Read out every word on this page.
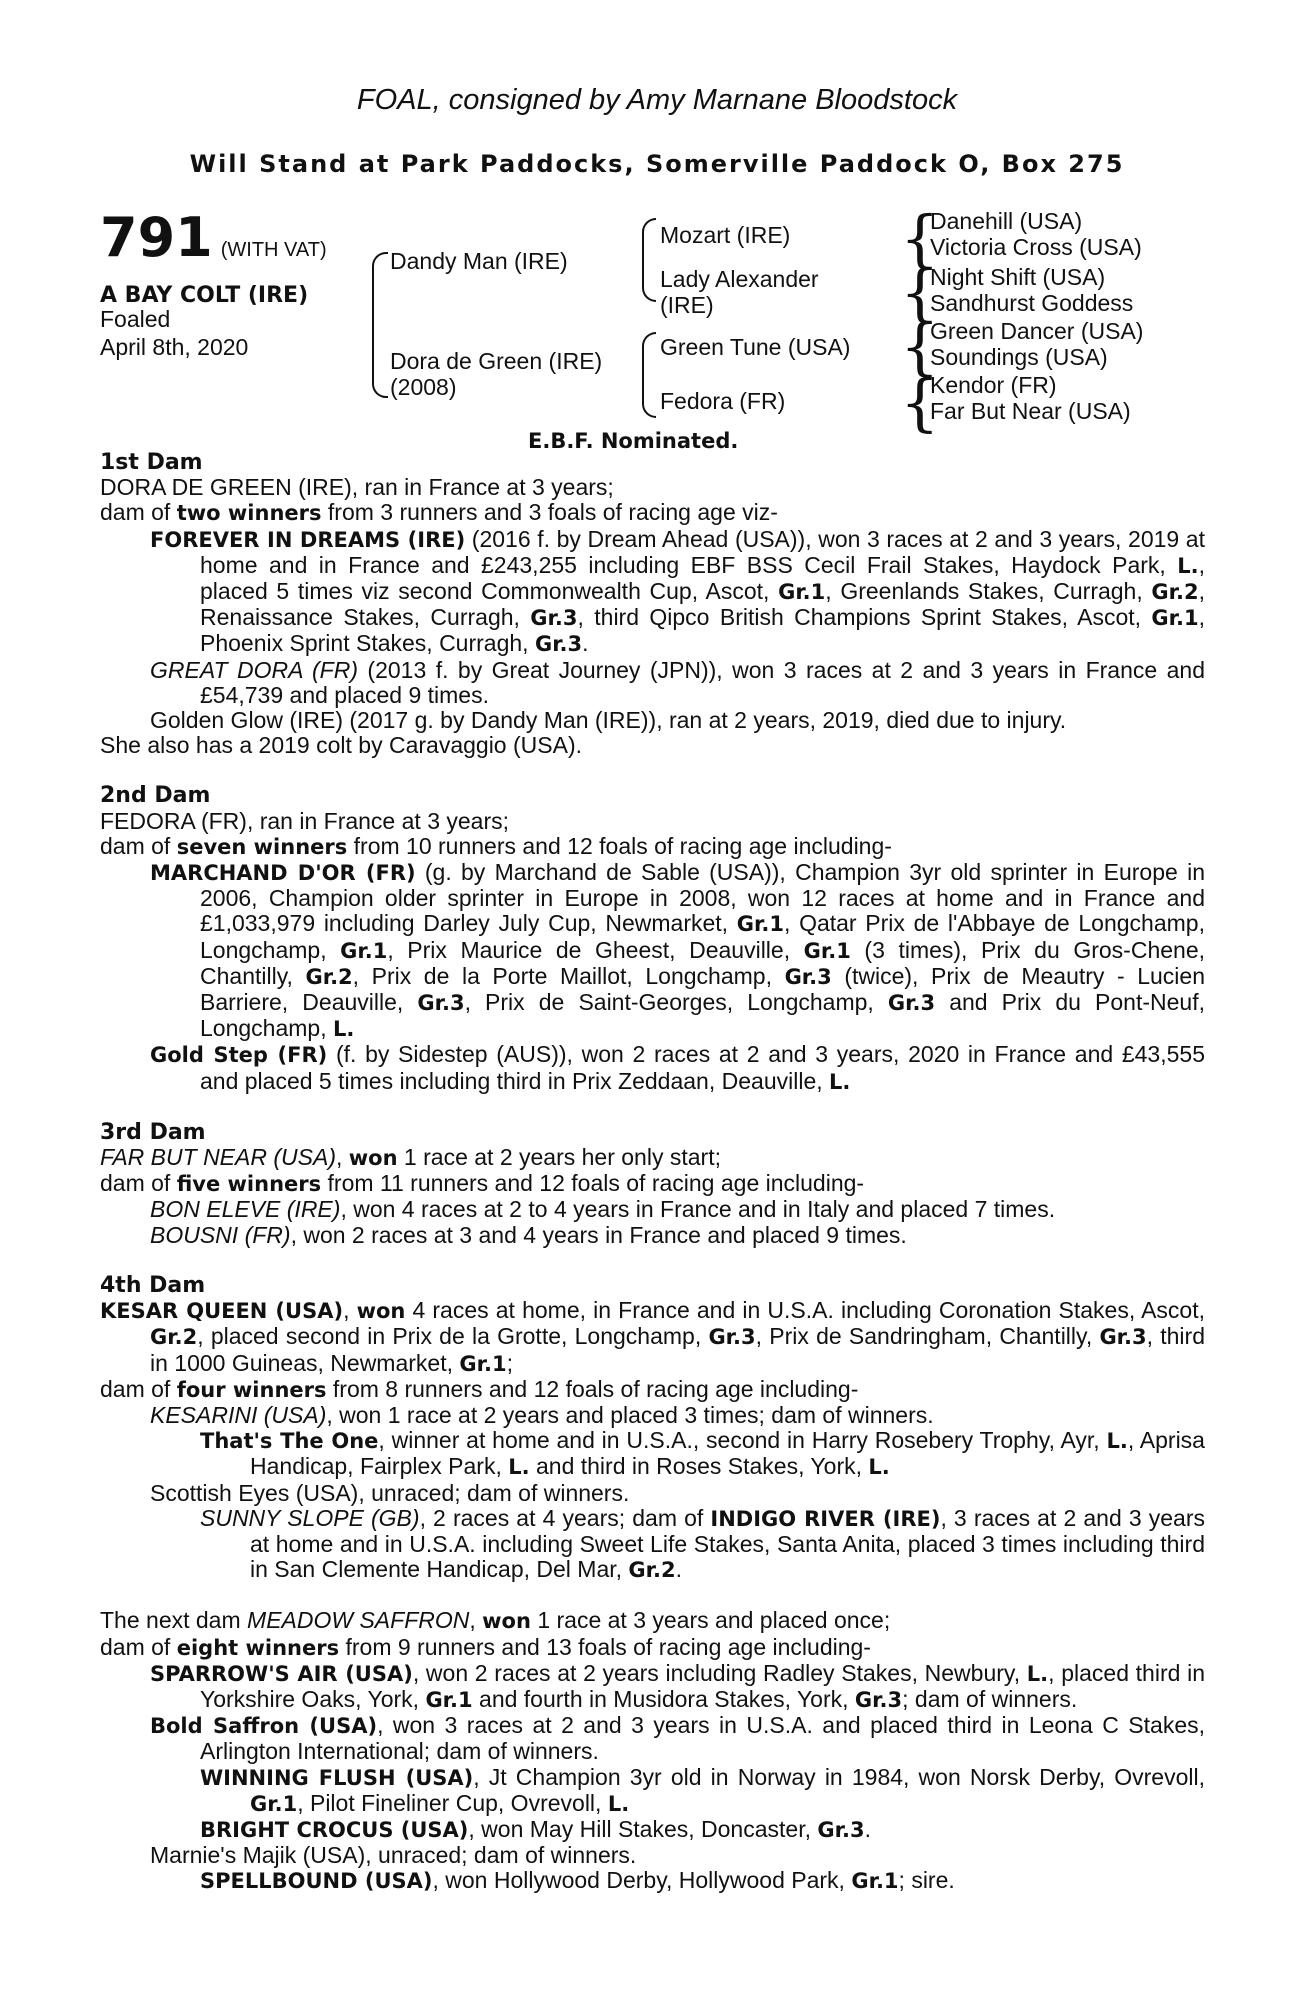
FOAL, consigned by Amy Marnane Bloodstock
Will Stand at Park Paddocks, Somerville Paddock O, Box 275
791 (WITH VAT)
A BAY COLT (IRE)
Foaled
April 8th, 2020
Dandy Man (IRE)
Dora de Green (IRE)
(2008)
Mozart (IRE)
Lady Alexander
(IRE)
Green Tune (USA)
Fedora (FR)
{
Danehill (USA)
Victoria Cross (USA)
{
Night Shift (USA)
Sandhurst Goddess
{
Green Dancer (USA)
Soundings (USA)
{
Kendor (FR)
Far But Near (USA)
E.B.F. Nominated.
1st Dam
DORA DE GREEN (IRE), ran in France at 3 years;
dam of two winners from 3 runners and 3 foals of racing age viz-
FOREVER IN DREAMS (IRE) (2016 f. by Dream Ahead (USA)), won 3 races at 2 and 3 years, 2019 at home and in France and £243,255 including EBF BSS Cecil Frail Stakes, Haydock Park, L., placed 5 times viz second Commonwealth Cup, Ascot, Gr.1, Greenlands Stakes, Curragh, Gr.2, Renaissance Stakes, Curragh, Gr.3, third Qipco British Champions Sprint Stakes, Ascot, Gr.1, Phoenix Sprint Stakes, Curragh, Gr.3.
GREAT DORA (FR) (2013 f. by Great Journey (JPN)), won 3 races at 2 and 3 years in France and £54,739 and placed 9 times.
Golden Glow (IRE) (2017 g. by Dandy Man (IRE)), ran at 2 years, 2019, died due to injury.
She also has a 2019 colt by Caravaggio (USA).
2nd Dam
FEDORA (FR), ran in France at 3 years;
dam of seven winners from 10 runners and 12 foals of racing age including-
MARCHAND D'OR (FR) (g. by Marchand de Sable (USA)), Champion 3yr old sprinter in Europe in 2006, Champion older sprinter in Europe in 2008, won 12 races at home and in France and £1,033,979 including Darley July Cup, Newmarket, Gr.1, Qatar Prix de l'Abbaye de Longchamp, Longchamp, Gr.1, Prix Maurice de Gheest, Deauville, Gr.1 (3 times), Prix du Gros-Chene, Chantilly, Gr.2, Prix de la Porte Maillot, Longchamp, Gr.3 (twice), Prix de Meautry - Lucien Barriere, Deauville, Gr.3, Prix de Saint-Georges, Longchamp, Gr.3 and Prix du Pont-Neuf, Longchamp, L.
Gold Step (FR) (f. by Sidestep (AUS)), won 2 races at 2 and 3 years, 2020 in France and £43,555 and placed 5 times including third in Prix Zeddaan, Deauville, L.
3rd Dam
FAR BUT NEAR (USA), won 1 race at 2 years her only start;
dam of five winners from 11 runners and 12 foals of racing age including-
BON ELEVE (IRE), won 4 races at 2 to 4 years in France and in Italy and placed 7 times.
BOUSNI (FR), won 2 races at 3 and 4 years in France and placed 9 times.
4th Dam
KESAR QUEEN (USA), won 4 races at home, in France and in U.S.A. including Coronation Stakes, Ascot, Gr.2, placed second in Prix de la Grotte, Longchamp, Gr.3, Prix de Sandringham, Chantilly, Gr.3, third in 1000 Guineas, Newmarket, Gr.1;
dam of four winners from 8 runners and 12 foals of racing age including-
KESARINI (USA), won 1 race at 2 years and placed 3 times; dam of winners.
That's The One, winner at home and in U.S.A., second in Harry Rosebery Trophy, Ayr, L., Aprisa Handicap, Fairplex Park, L. and third in Roses Stakes, York, L.
Scottish Eyes (USA), unraced; dam of winners.
SUNNY SLOPE (GB), 2 races at 4 years; dam of INDIGO RIVER (IRE), 3 races at 2 and 3 years at home and in U.S.A. including Sweet Life Stakes, Santa Anita, placed 3 times including third in San Clemente Handicap, Del Mar, Gr.2.
The next dam MEADOW SAFFRON, won 1 race at 3 years and placed once;
dam of eight winners from 9 runners and 13 foals of racing age including-
SPARROW'S AIR (USA), won 2 races at 2 years including Radley Stakes, Newbury, L., placed third in Yorkshire Oaks, York, Gr.1 and fourth in Musidora Stakes, York, Gr.3; dam of winners.
Bold Saffron (USA), won 3 races at 2 and 3 years in U.S.A. and placed third in Leona C Stakes, Arlington International; dam of winners.
WINNING FLUSH (USA), Jt Champion 3yr old in Norway in 1984, won Norsk Derby, Ovrevoll, Gr.1, Pilot Fineliner Cup, Ovrevoll, L.
BRIGHT CROCUS (USA), won May Hill Stakes, Doncaster, Gr.3.
Marnie's Majik (USA), unraced; dam of winners.
SPELLBOUND (USA), won Hollywood Derby, Hollywood Park, Gr.1; sire.
